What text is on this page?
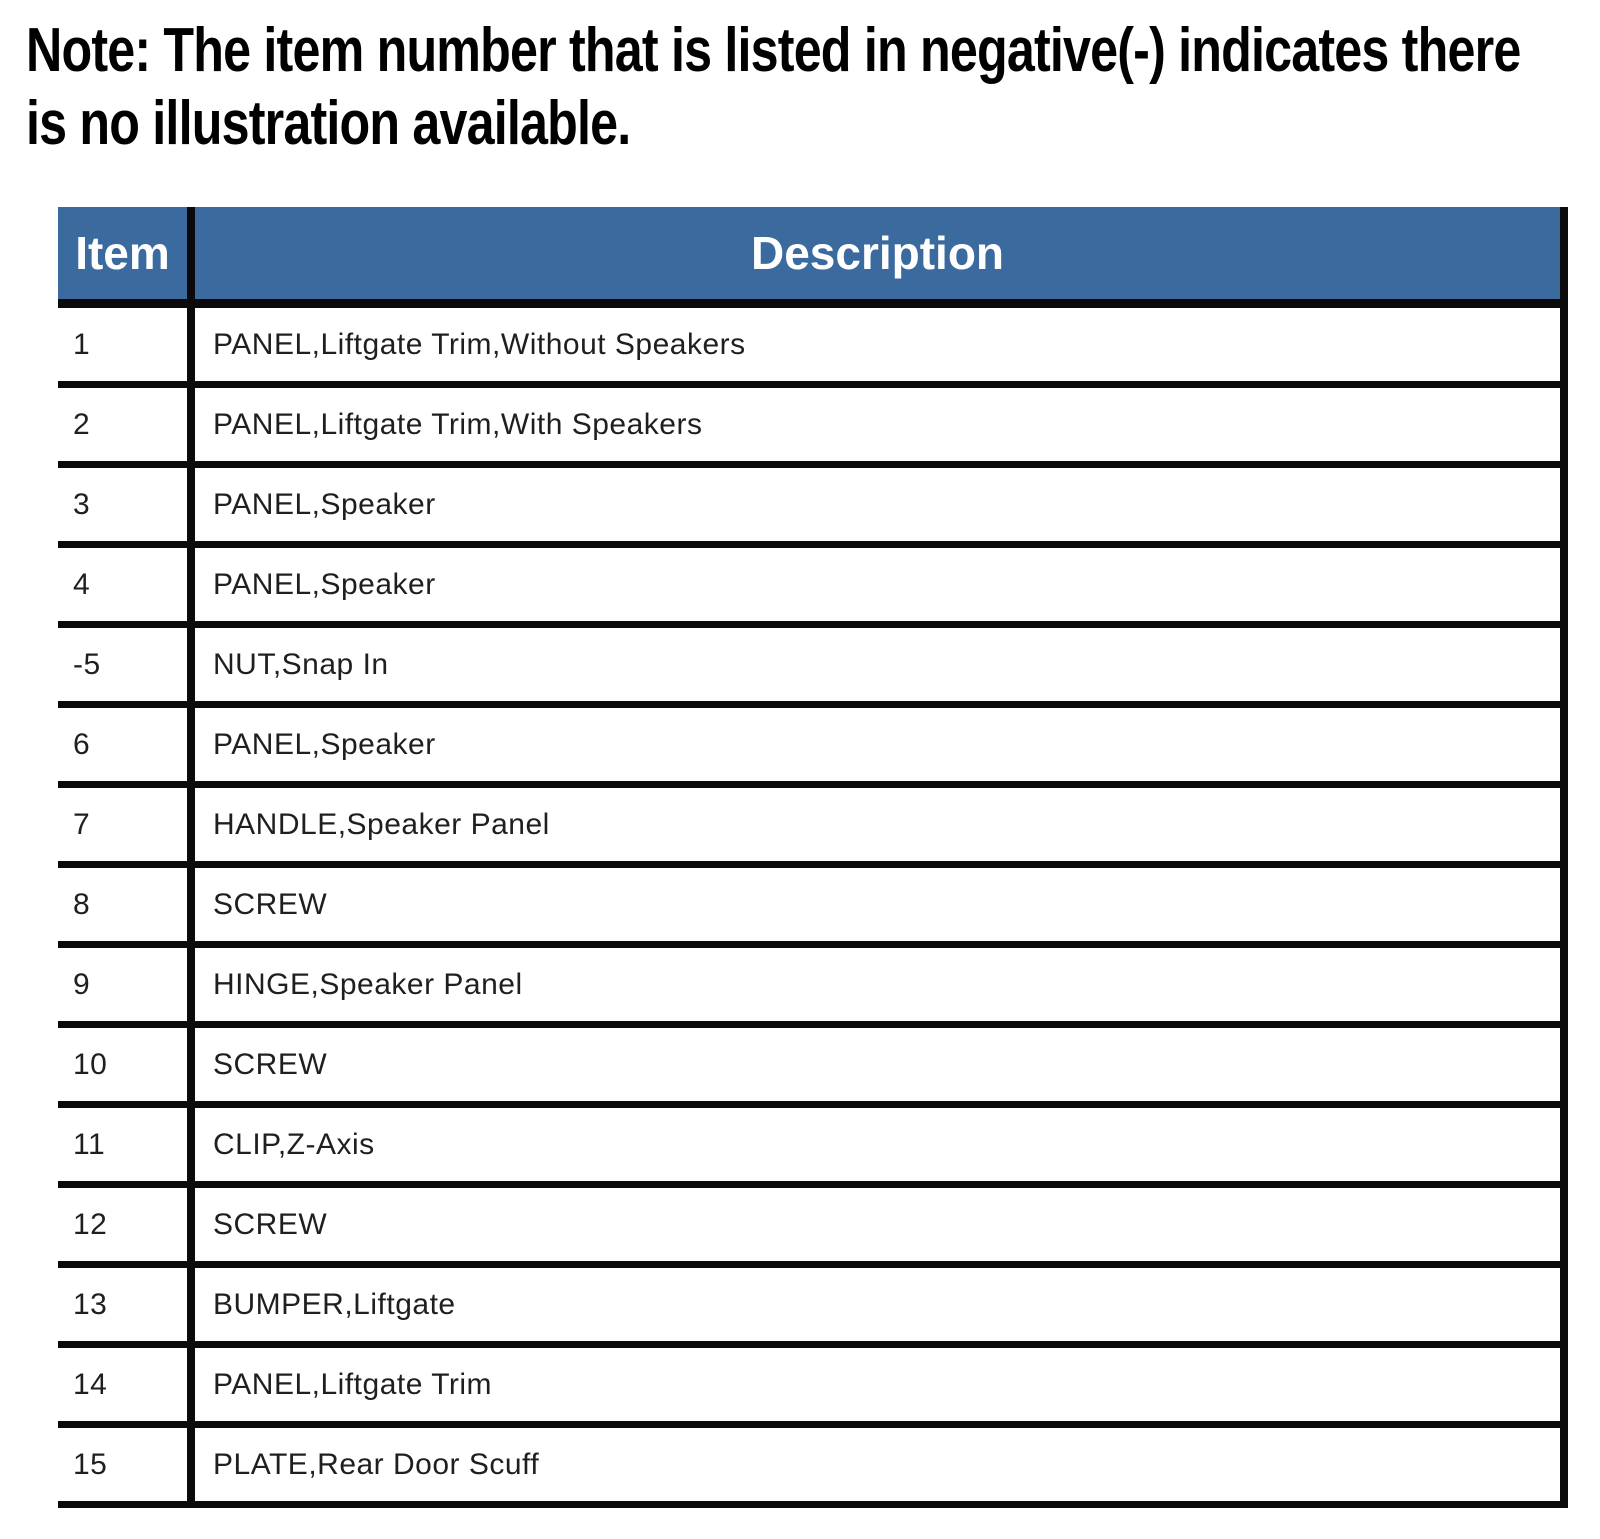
Note: The item number that is listed in negative(-) indicates there is no illustration available.
Item	Description
1	PANEL,Liftgate Trim,Without Speakers
2	PANEL,Liftgate Trim,With Speakers
3	PANEL,Speaker
4	PANEL,Speaker
-5	NUT,Snap In
6	PANEL,Speaker
7	HANDLE,Speaker Panel
8	SCREW
9	HINGE,Speaker Panel
10	SCREW
11	CLIP,Z-Axis
12	SCREW
13	BUMPER,Liftgate
14	PANEL,Liftgate Trim
15	PLATE,Rear Door Scuff
